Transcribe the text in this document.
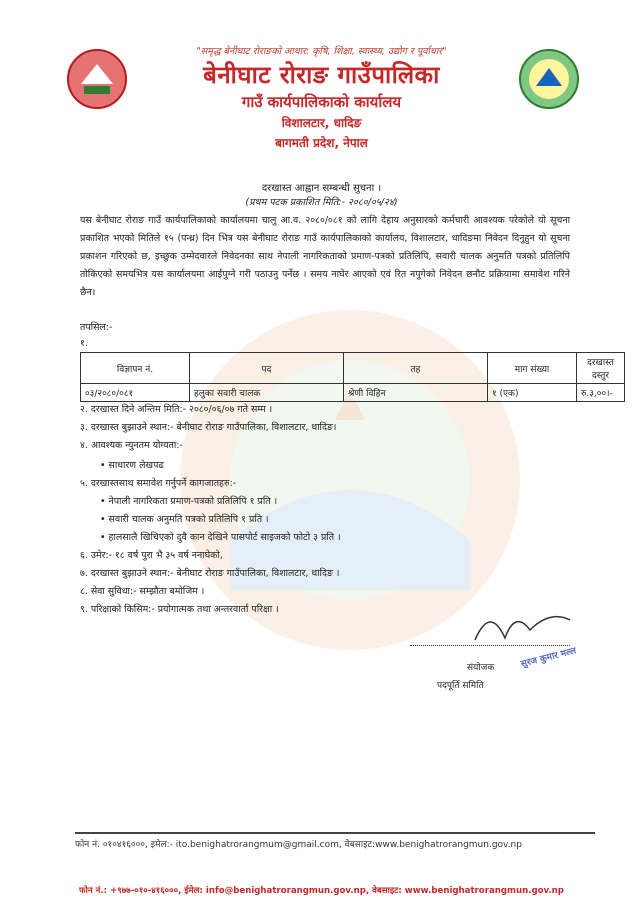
"समृद्ध बेनीघाट रोराङको आधार: कृषि, शिक्षा, स्वास्थ्य, उद्योग र पूर्वाधार"
बेनीघाट रोराङ गाउँपालिका
गाउँ कार्यपालिकाको कार्यालय
विशालटार, धादिङ
बागमती प्रदेश, नेपाल
दरखास्त आह्वान सम्बन्धी सुचना ।
(प्रथम पटक प्रकाशित मिति:- २०८०/०५/२४)
यस बेनीघाट रोराङ गाउँ कार्यपालिकाको कार्यालयमा चालु आ.व. २०८०/०८१ को लागि देहाय अनुसारको कर्मचारी आवश्यक परेकोले यो सूचना प्रकाशित भएको मितिले १५ (पन्ध्र) दिन भित्र यस बेनीघाट रोराङ गाउँ कार्यपालिकाको कार्यालय, विशालटार, धादिङमा निवेदन दिनुहुन यो सूचना प्रकाशन गरिएको छ, इच्छुक उम्मेदवारले निवेदनका साथ नेपाली नागरिकताको प्रमाण-पत्रको प्रतिलिपि, सवारी चालक अनुमति पत्रको प्रतिलिपि तोकिएको समयभित्र यस कार्यालयमा आईपुग्ने गरी पठाउनु पर्नेछ । समय नाघेर आएको एवं रित नपुगेको निवेदन छनौट प्रक्रियामा समावेश गरिने छैन।
तपसिल:-
१.
विज्ञापन नं.	पद	तह	माग संख्या	दरखास्त दस्तुर
०३/२०८०/०८१	हलुका सवारी चालक	श्रेणी विहिन	१ (एक)	रु.३,००।-
२. दरखास्त दिने अन्तिम मिति:- २०८०/०६/०७ गते सम्म ।
३. दरखास्त बुझाउने स्थान:- बेनीघाट रोराङ गाउँपालिका, विशालटार, धादिङ।
४. आवश्यक न्युनतम योग्यता:-
• साधारण लेखपढ
५. दरखास्तसाथ समावेश गर्नुपर्ने कागजातहरु:-
• नेपाली नागरिकता प्रमाण-पत्रको प्रतिलिपि १ प्रति ।
• सवारी चालक अनुमति पत्रको प्रतिलिपि १ प्रति ।
• हालसालै खिचिएको दुवै कान देखिने पासपोर्ट साइजको फोटो ३ प्रति ।
६. उमेर:- १८ वर्ष पुरा भै ३५ वर्ष ननाघेको,
७. दरखास्त बुझाउने स्थान:- बेनीघाट रोराङ गाउँपालिका, विशालटार, धादिङ ।
८. सेवा सुविधा:- सम्झौता बमोजिम ।
९. परिक्षाको किसिम:- प्रयोगात्मक तथा अन्तरवार्ता परिक्षा ।
संयोजक
पदपूर्ति समिति
सुरज कुमार मल्ल
फोन नं. ०१०४१६०००, इमेल:- ito.benighatrorangmum@gmail.com, वेबसाइट:www.benighatrorangmun.gov.np
फोन नं.: +९७७-०१०-४१६०००, ईमेल: info@benighatrorangmun.gov.np, वेबसाइट: www.benighatrorangmun.gov.np
